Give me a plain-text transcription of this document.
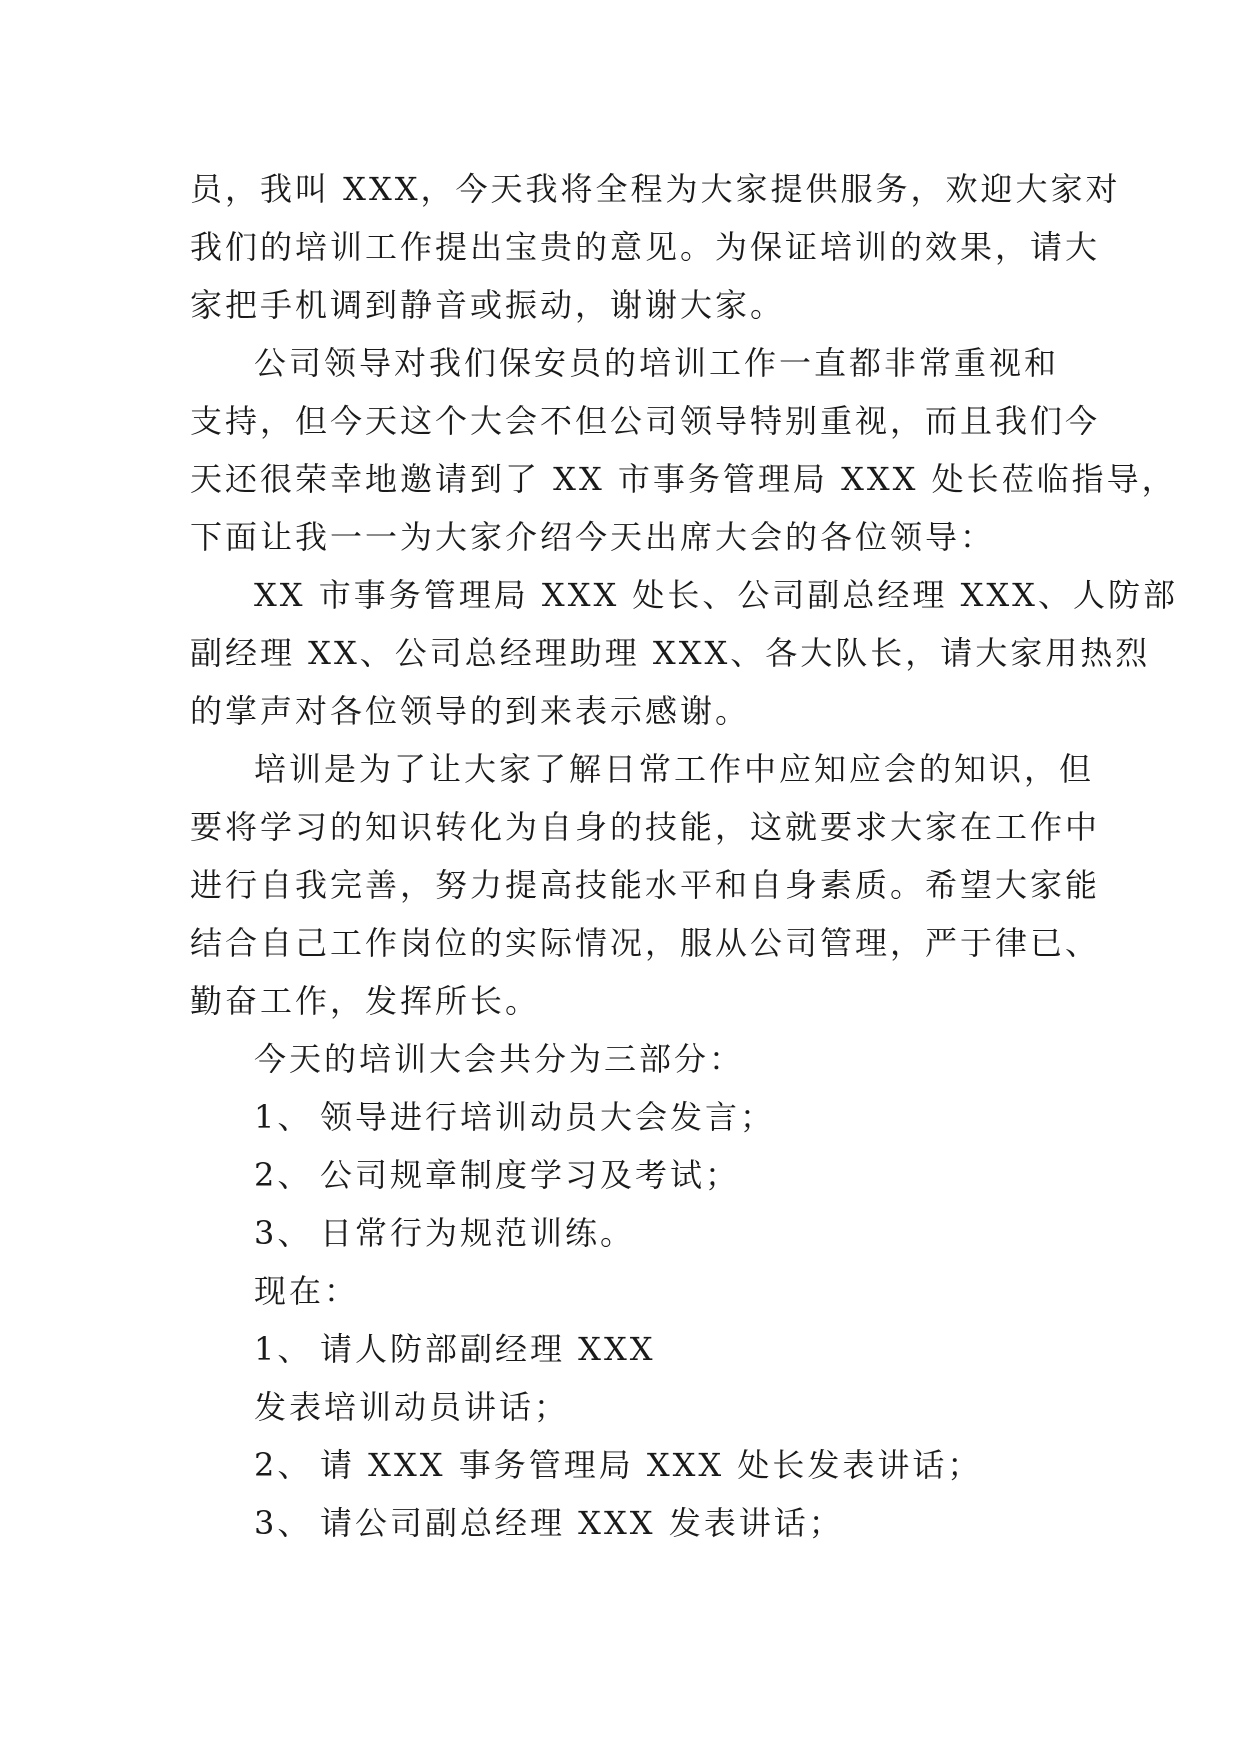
员，我叫 XXX，今天我将全程为大家提供服务，欢迎大家对
我们的培训工作提出宝贵的意见。为保证培训的效果，请大
家把手机调到静音或振动，谢谢大家。
公司领导对我们保安员的培训工作一直都非常重视和
支持，但今天这个大会不但公司领导特别重视，而且我们今
天还很荣幸地邀请到了 XX 市事务管理局 XXX 处长莅临指导，
下面让我一一为大家介绍今天出席大会的各位领导：
XX 市事务管理局 XXX 处长、公司副总经理 XXX、人防部
副经理 XX、公司总经理助理 XXX、各大队长，请大家用热烈
的掌声对各位领导的到来表示感谢。
培训是为了让大家了解日常工作中应知应会的知识，但
要将学习的知识转化为自身的技能，这就要求大家在工作中
进行自我完善，努力提高技能水平和自身素质。希望大家能
结合自己工作岗位的实际情况，服从公司管理，严于律已、
勤奋工作，发挥所长。
今天的培训大会共分为三部分：
1、 领导进行培训动员大会发言；
2、 公司规章制度学习及考试；
3、 日常行为规范训练。
现在：
1、 请人防部副经理 XXX
发表培训动员讲话；
2、 请 XXX 事务管理局 XXX 处长发表讲话；
3、 请公司副总经理 XXX 发表讲话；
